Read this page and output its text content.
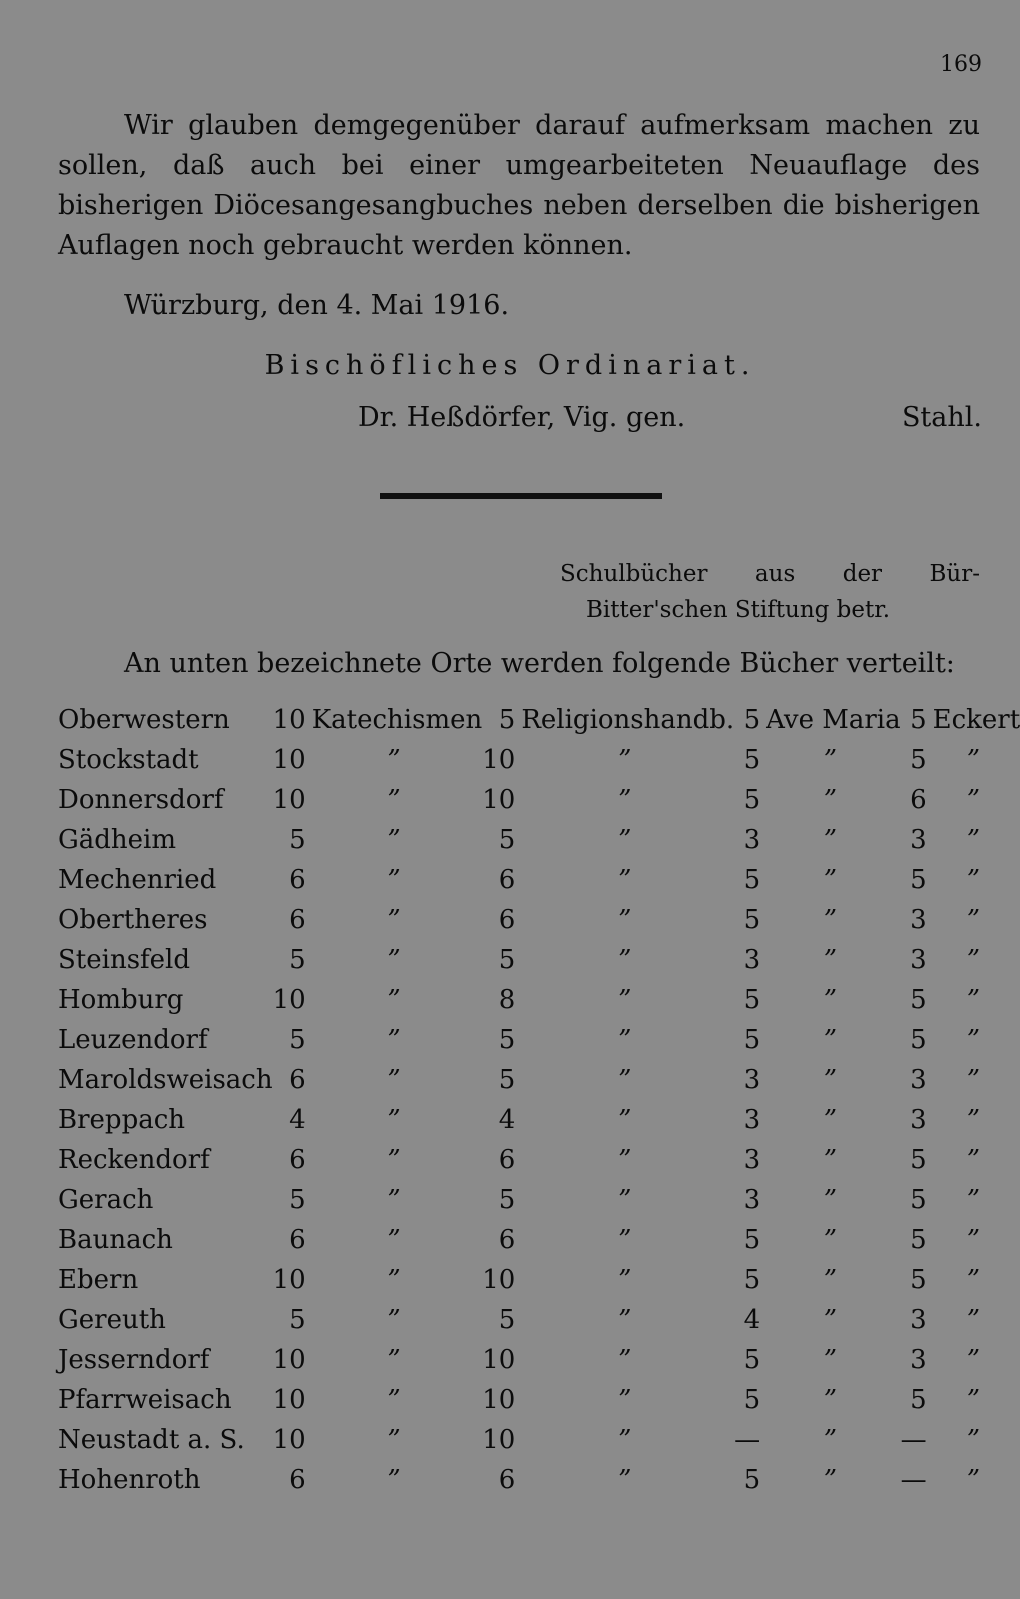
169

Wir glauben demgegenüber darauf aufmerksam machen zu sollen, daß auch bei einer umgearbeiteten Neuauflage des bisherigen Diöcesangesangbuches neben derselben die bisherigen Auflagen noch gebraucht werden können.

Würzburg, den 4. Mai 1916.
Bischöfliches Ordinariat.
Dr. Heßdörfer, Vig. gen.	Stahl.
Schulbücher aus der Bür-
Bitter'schen Stiftung betr.
An unten bezeichnete Orte werden folgende Bücher verteilt:
Oberwestern	10	Katechismen	5	Religionshandb.	5	Ave Maria	5	Eckert
Stockstadt	10	”	10	”	5	”	5	”
Donnersdorf	10	”	10	”	5	”	6	”
Gädheim	5	”	5	”	3	”	3	”
Mechenried	6	”	6	”	5	”	5	”
Obertheres	6	”	6	”	5	”	3	”
Steinsfeld	5	”	5	”	3	”	3	”
Homburg	10	”	8	”	5	”	5	”
Leuzendorf	5	”	5	”	5	”	5	”
Maroldsweisach	6	”	5	”	3	”	3	”
Breppach	4	”	4	”	3	”	3	”
Reckendorf	6	”	6	”	3	”	5	”
Gerach	5	”	5	”	3	”	5	”
Baunach	6	”	6	”	5	”	5	”
Ebern	10	”	10	”	5	”	5	”
Gereuth	5	”	5	”	4	”	3	”
Jesserndorf	10	”	10	”	5	”	3	”
Pfarrweisach	10	”	10	”	5	”	5	”
Neustadt a. S.	10	”	10	”	—	”	—	”
Hohenroth	6	”	6	”	5	”	—	”
